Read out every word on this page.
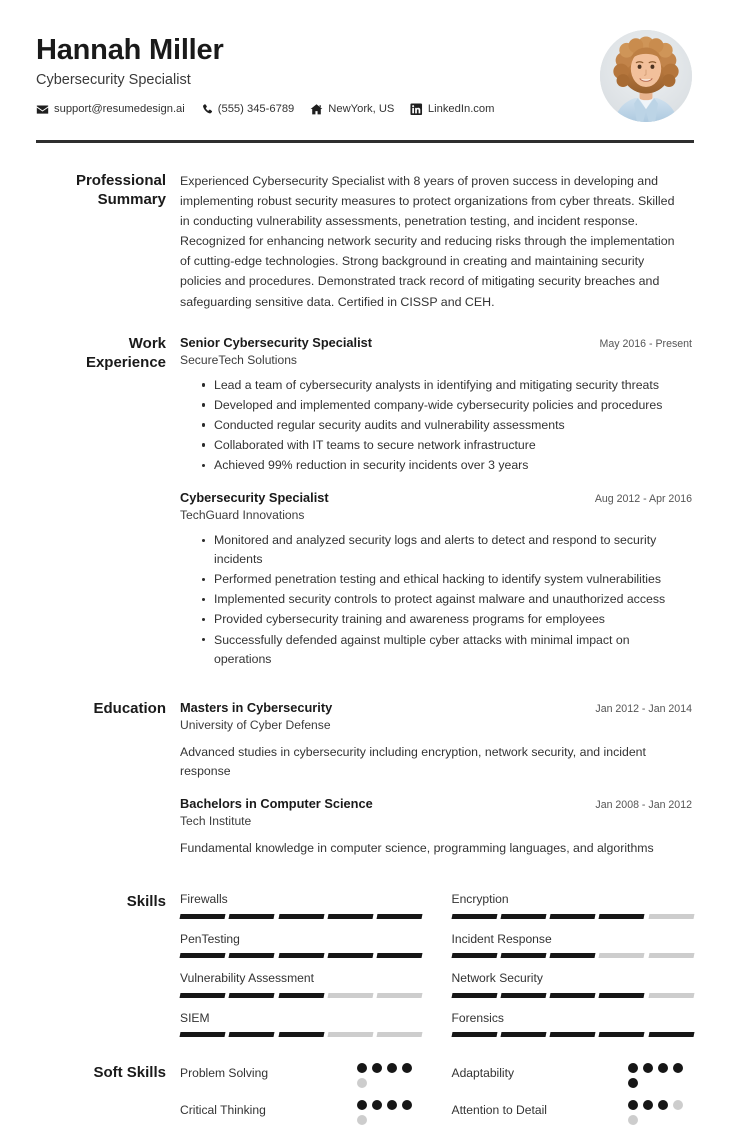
Hannah Miller
Cybersecurity Specialist
support@resumedesign.ai	(555) 345-6789	NewYork, US	LinkedIn.com
Professional
Summary

Experienced Cybersecurity Specialist with 8 years of proven success in developing and implementing robust security measures to protect organizations from cyber threats. Skilled in conducting vulnerability assessments, penetration testing, and incident response. Recognized for enhancing network security and reducing risks through the implementation of cutting-edge technologies. Strong background in creating and maintaining security policies and procedures. Demonstrated track record of mitigating security breaches and safeguarding sensitive data. Certified in CISSP and CEH.

Work
Experience
Senior Cybersecurity Specialist	May 2016 - Present
SecureTech Solutions
Lead a team of cybersecurity analysts in identifying and mitigating security threats
Developed and implemented company-wide cybersecurity policies and procedures
Conducted regular security audits and vulnerability assessments
Collaborated with IT teams to secure network infrastructure
Achieved 99% reduction in security incidents over 3 years
Cybersecurity Specialist	Aug 2012 - Apr 2016
TechGuard Innovations
Monitored and analyzed security logs and alerts to detect and respond to security incidents
Performed penetration testing and ethical hacking to identify system vulnerabilities
Implemented security controls to protect against malware and unauthorized access
Provided cybersecurity training and awareness programs for employees
Successfully defended against multiple cyber attacks with minimal impact on operations
Education	Masters in Cybersecurity	Jan 2012 - Jan 2014
University of Cyber Defense
Advanced studies in cybersecurity including encryption, network security, and incident response
Bachelors in Computer Science	Jan 2008 - Jan 2012
Tech Institute
Fundamental knowledge in computer science, programming languages, and algorithms
Skills	Firewalls	Encryption
PenTesting	Incident Response
Vulnerability Assessment	Network Security
SIEM	Forensics
Soft Skills	Problem Solving	Adaptability
Critical Thinking	Attention to Detail
